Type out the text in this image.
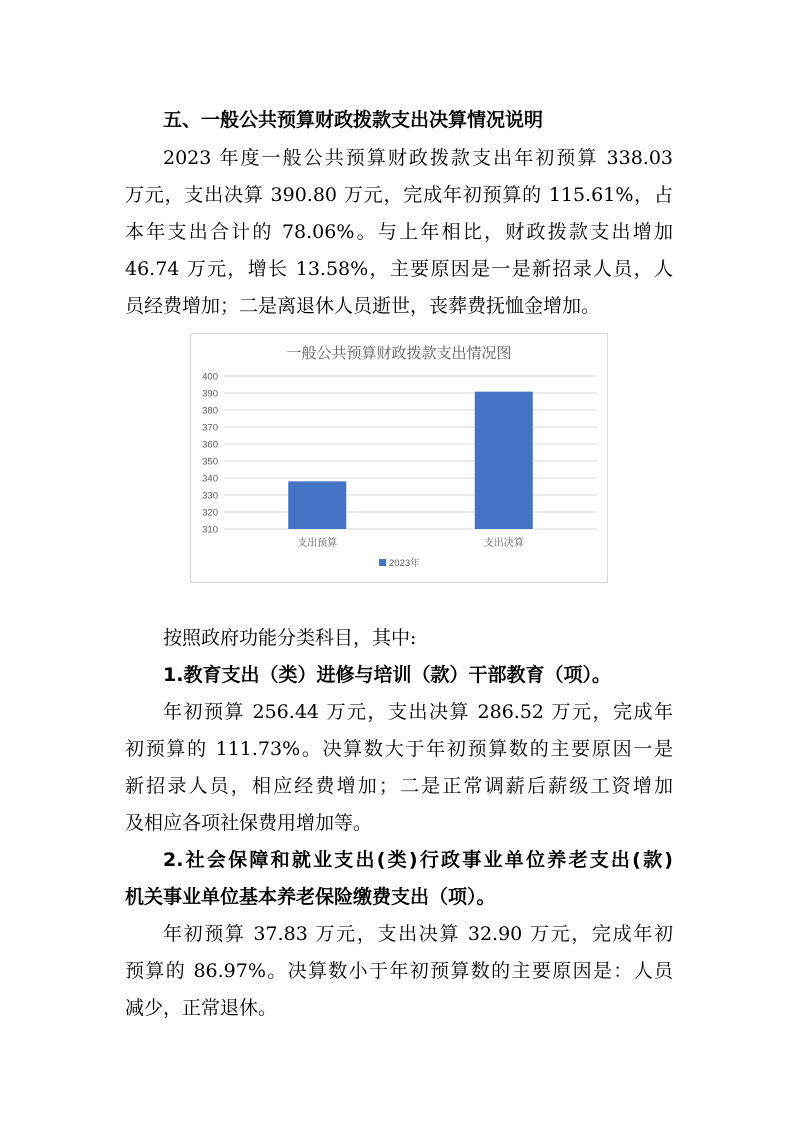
五、一般公共预算财政拨款支出决算情况说明
2023 年度一般公共预算财政拨款支出年初预算 338.03
万元，支出决算 390.80 万元，完成年初预算的 115.61%，占
本年支出合计的 78.06%。与上年相比，财政拨款支出增加
46.74 万元，增长 13.58%，主要原因是一是新招录人员，人
员经费增加；二是离退休人员逝世，丧葬费抚恤金增加。
一般公共预算财政拨款支出情况图
310
320
330
340
350
360
370
380
390
400
支出预算	支出决算
2023年
按照政府功能分类科目，其中:
1.教育支出（类）进修与培训（款）干部教育（项）。
年初预算 256.44 万元，支出决算 286.52 万元，完成年
初预算的 111.73%。决算数大于年初预算数的主要原因一是
新招录人员，相应经费增加；二是正常调薪后薪级工资增加
及相应各项社保费用增加等。
2.社会保障和就业支出(类)行政事业单位养老支出(款)
机关事业单位基本养老保险缴费支出（项）。
年初预算 37.83 万元，支出决算 32.90 万元，完成年初
预算的 86.97%。决算数小于年初预算数的主要原因是：人员
减少，正常退休。
